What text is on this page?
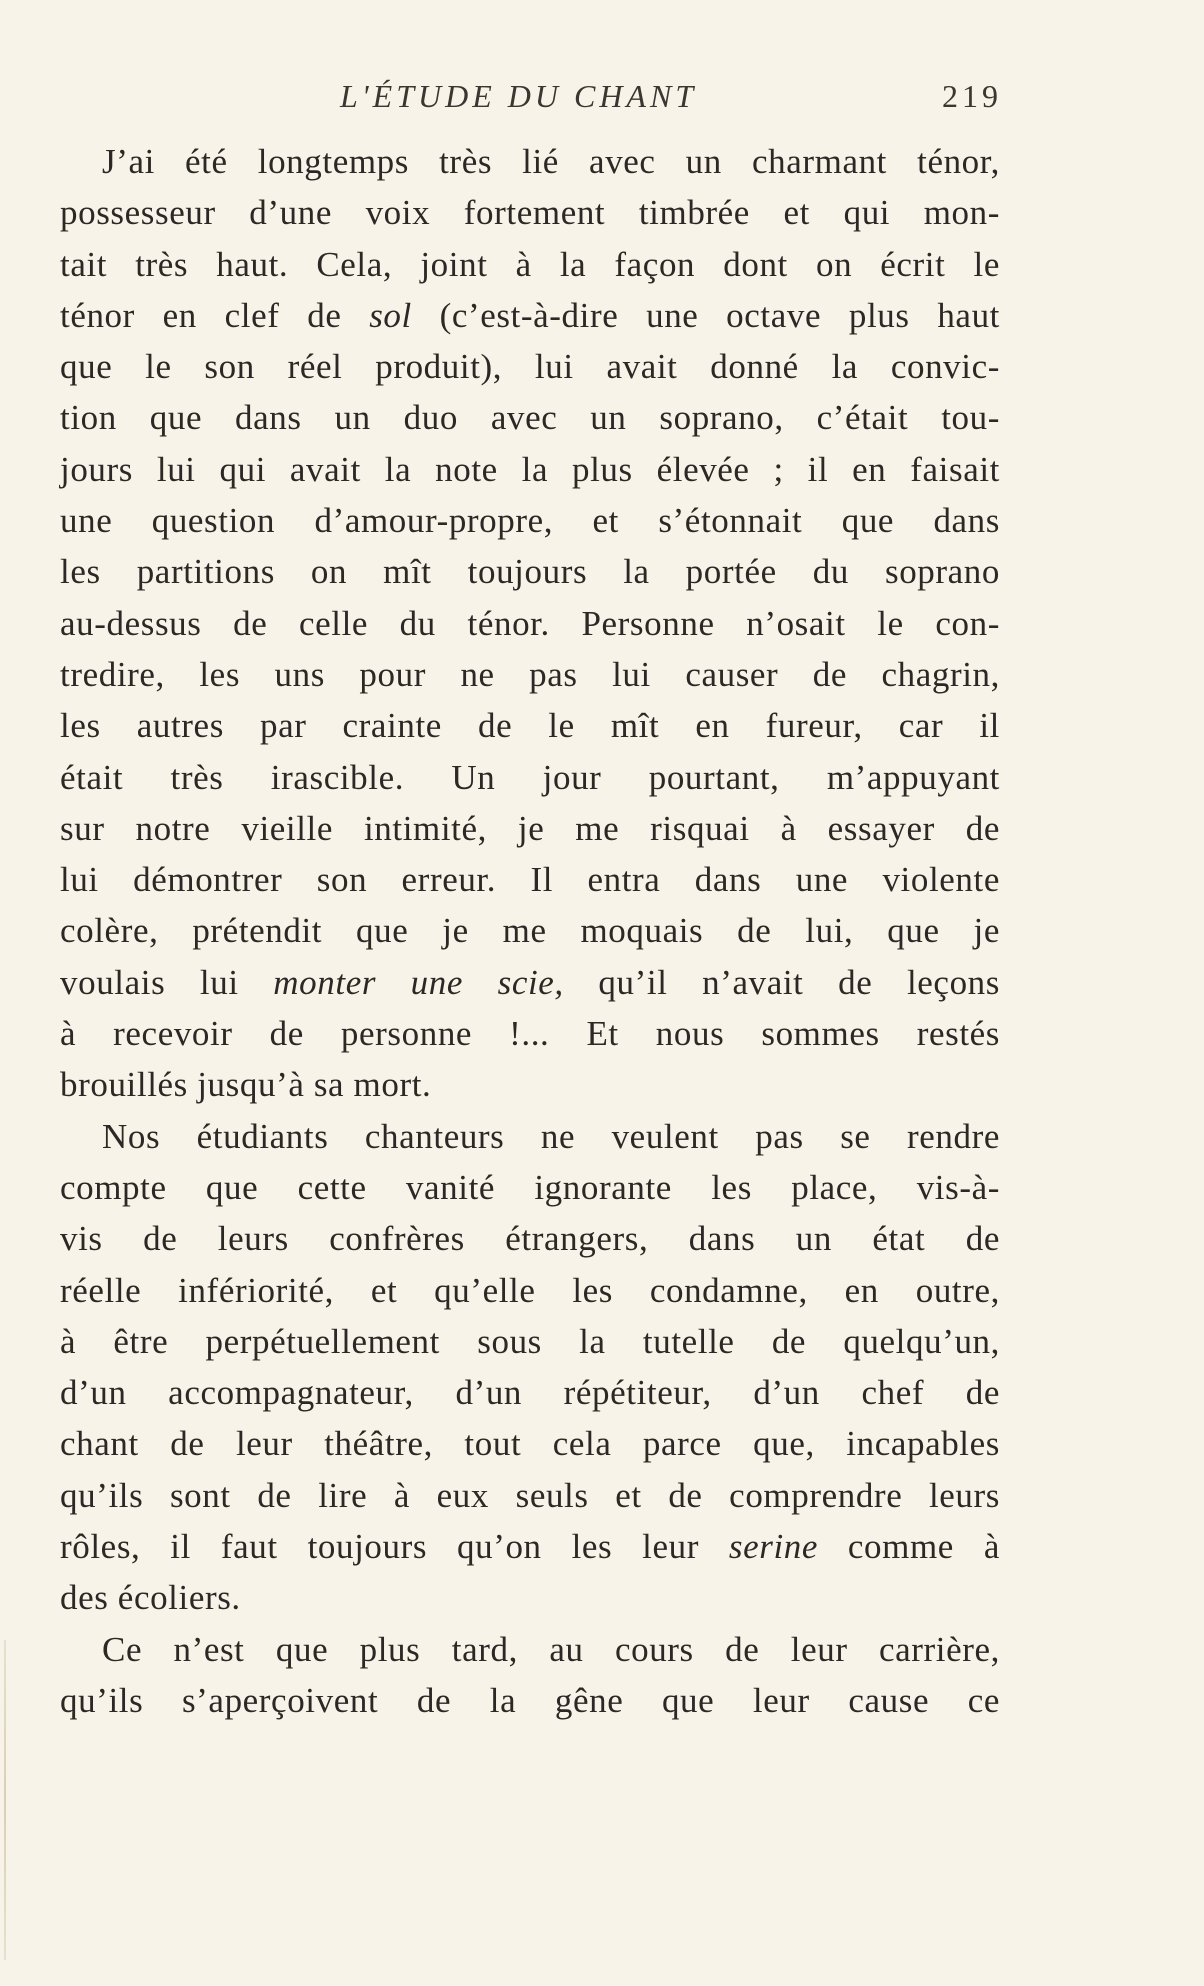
L'ÉTUDE DU CHANT	219
J’ai été longtemps très lié avec un charmant ténor,
possesseur d’une voix fortement timbrée et qui mon-
tait très haut. Cela, joint à la façon dont on écrit le
ténor en clef de sol (c’est-à-dire une octave plus haut
que le son réel produit), lui avait donné la convic-
tion que dans un duo avec un soprano, c’était tou-
jours lui qui avait la note la plus élevée ; il en faisait
une question d’amour-propre, et s’étonnait que dans
les partitions on mît toujours la portée du soprano
au-dessus de celle du ténor. Personne n’osait le con-
tredire, les uns pour ne pas lui causer de chagrin,
les autres par crainte de le mît en fureur, car il
était très irascible. Un jour pourtant, m’appuyant
sur notre vieille intimité, je me risquai à essayer de
lui démontrer son erreur. Il entra dans une violente
colère, prétendit que je me moquais de lui, que je
voulais lui monter une scie, qu’il n’avait de leçons
à recevoir de personne !... Et nous sommes restés
brouillés jusqu’à sa mort.
Nos étudiants chanteurs ne veulent pas se rendre
compte que cette vanité ignorante les place, vis-à-
vis de leurs confrères étrangers, dans un état de
réelle infériorité, et qu’elle les condamne, en outre,
à être perpétuellement sous la tutelle de quelqu’un,
d’un accompagnateur, d’un répétiteur, d’un chef de
chant de leur théâtre, tout cela parce que, incapables
qu’ils sont de lire à eux seuls et de comprendre leurs
rôles, il faut toujours qu’on les leur serine comme à
des écoliers.
Ce n’est que plus tard, au cours de leur carrière,
qu’ils s’aperçoivent de la gêne que leur cause ce
